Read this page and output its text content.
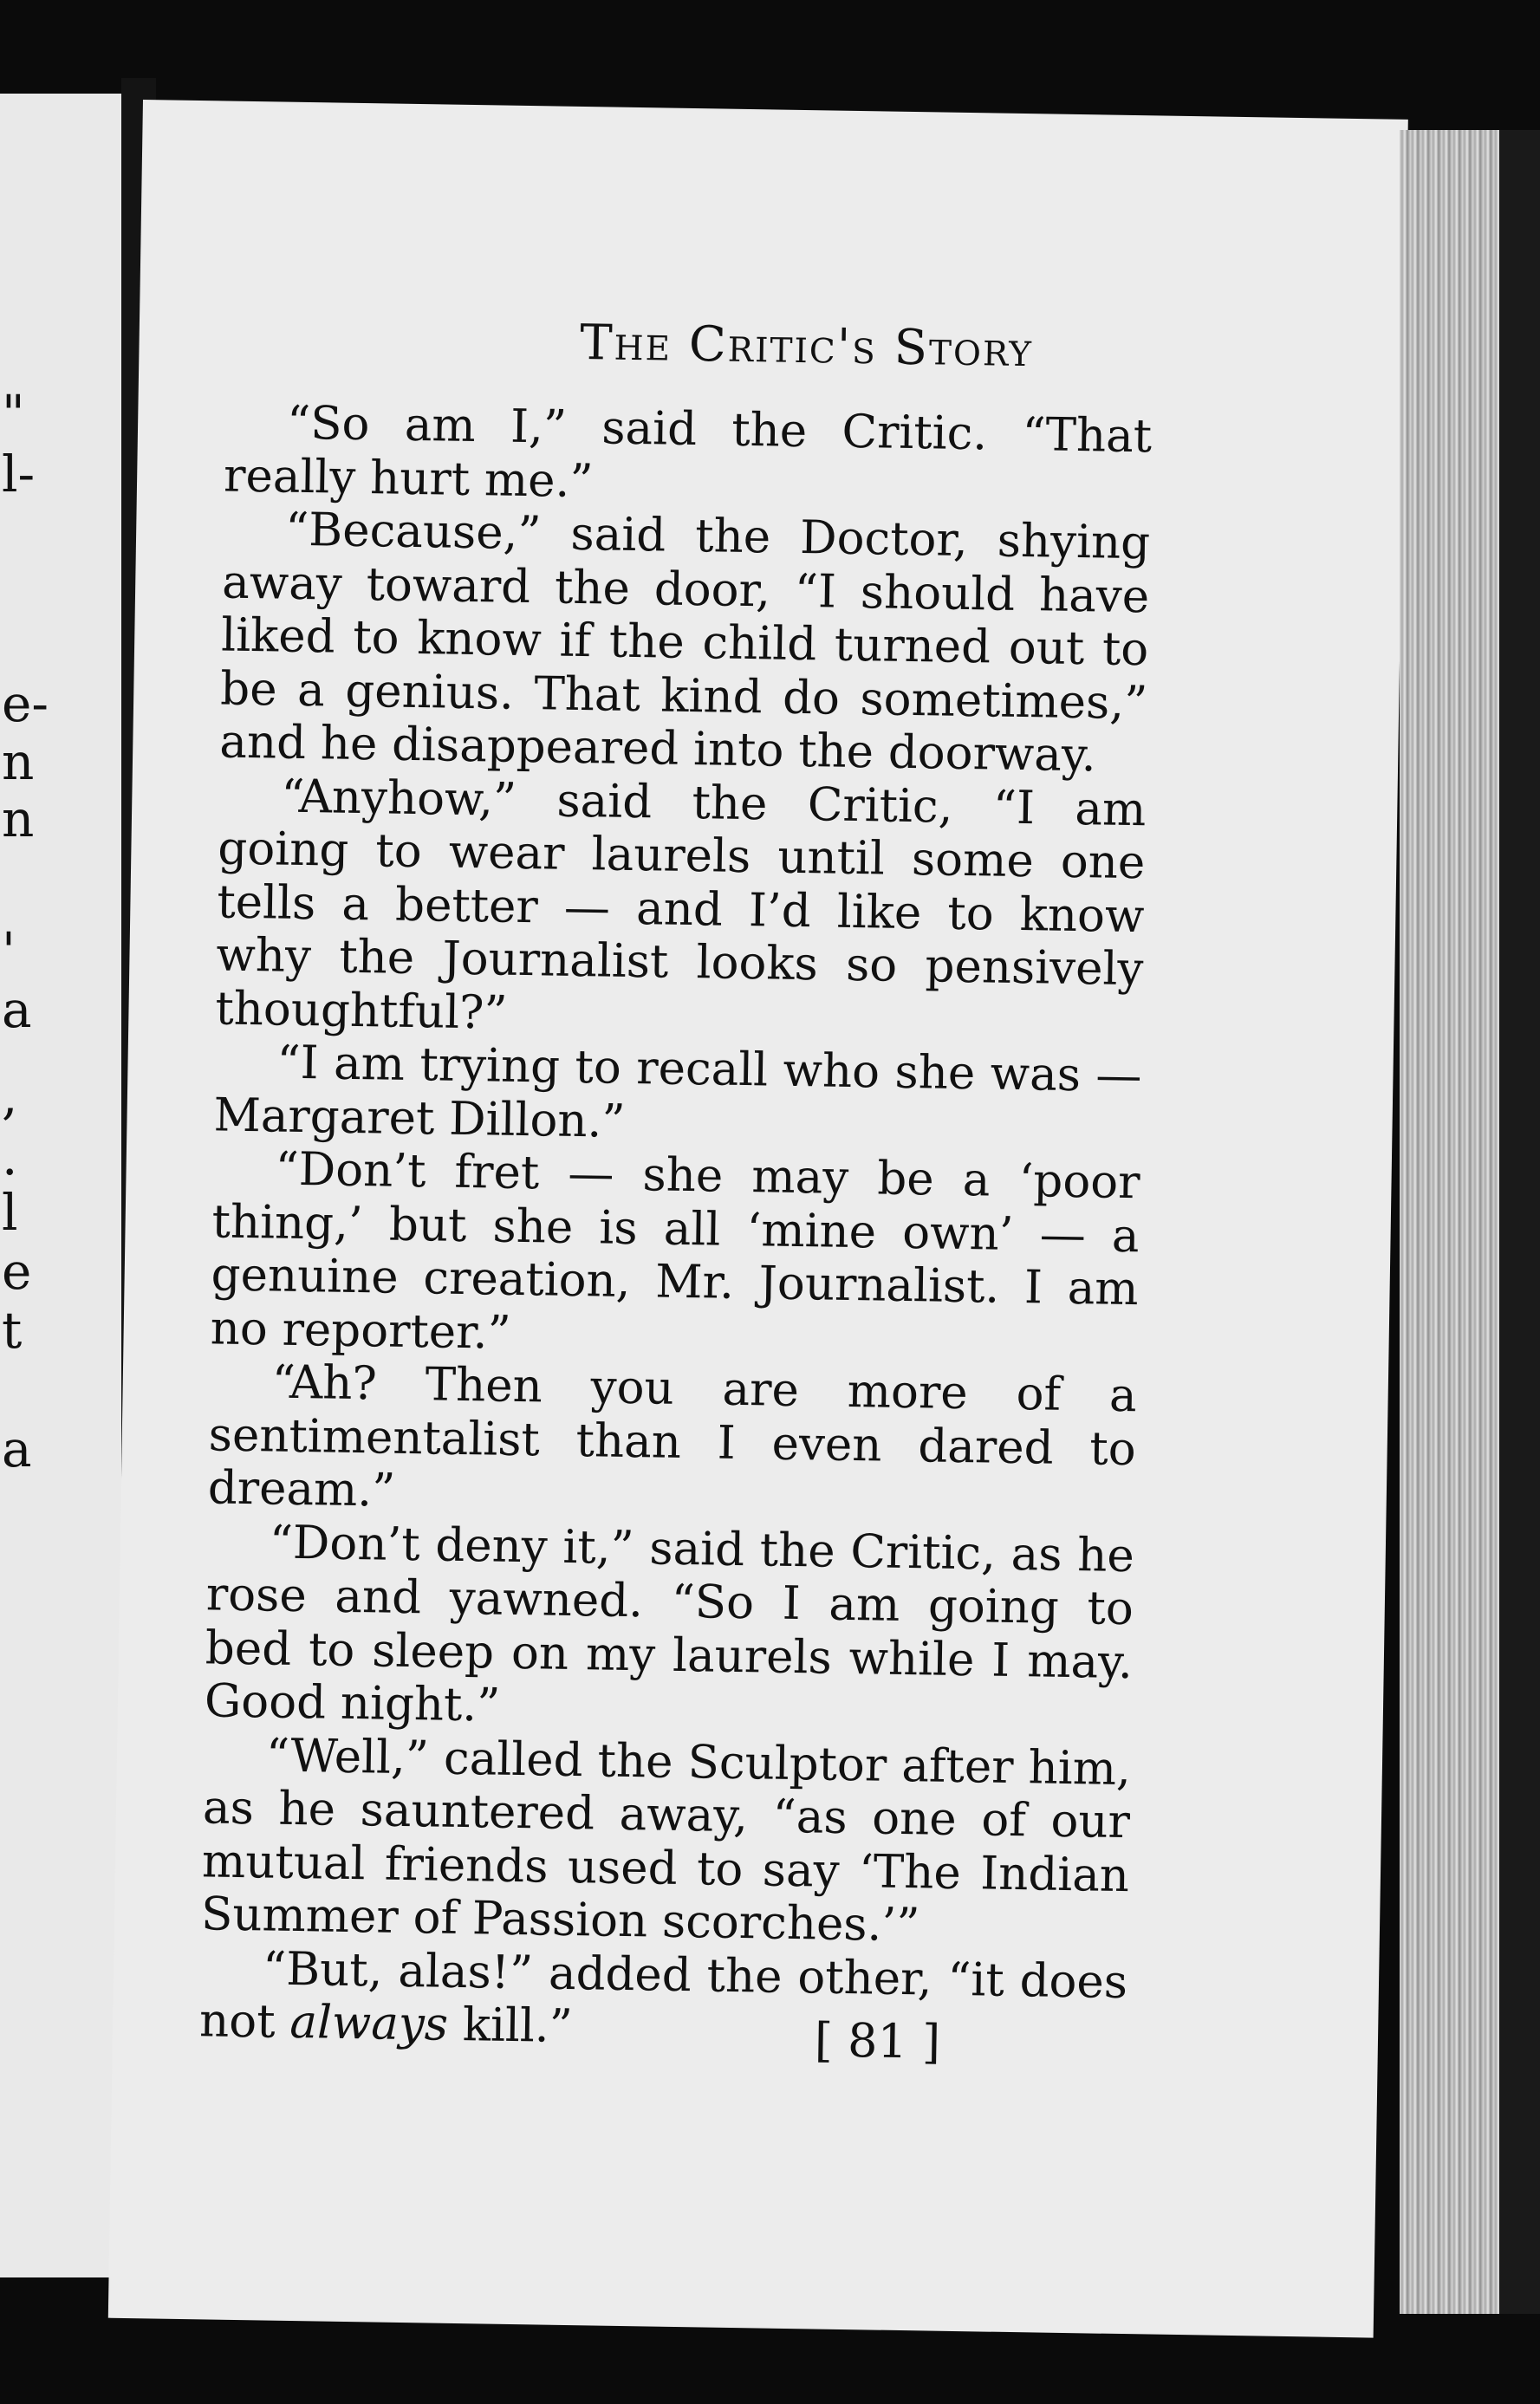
"
l-
e-
n
n
'
a
,
.
l
e
t
a
The Critic's Story

“So am I,” said the Critic. “That really hurt me.”

“Because,” said the Doctor, shying away toward the door, “I should have liked to know if the child turned out to be a genius. That kind do sometimes,” and he disappeared into the doorway.

“Anyhow,” said the Critic, “I am going to wear laurels until some one tells a better — and I’d like to know why the Journalist looks so pensively thoughtful?”

“I am trying to recall who she was — Margaret Dillon.”

“Don’t fret — she may be a ‘poor thing,’ but she is all ‘mine own’ — a genuine creation, Mr. Journalist. I am no reporter.”

“Ah? Then you are more of a sentimentalist than I even dared to dream.”

“Don’t deny it,” said the Critic, as he rose and yawned. “So I am going to bed to sleep on my laurels while I may. Good night.”

“Well,” called the Sculptor after him, as he sauntered away, “as one of our mutual friends used to say ‘The Indian Summer of Passion scorches.’”

“But, alas!” added the other, “it does not always kill.”	[ 81 ]
